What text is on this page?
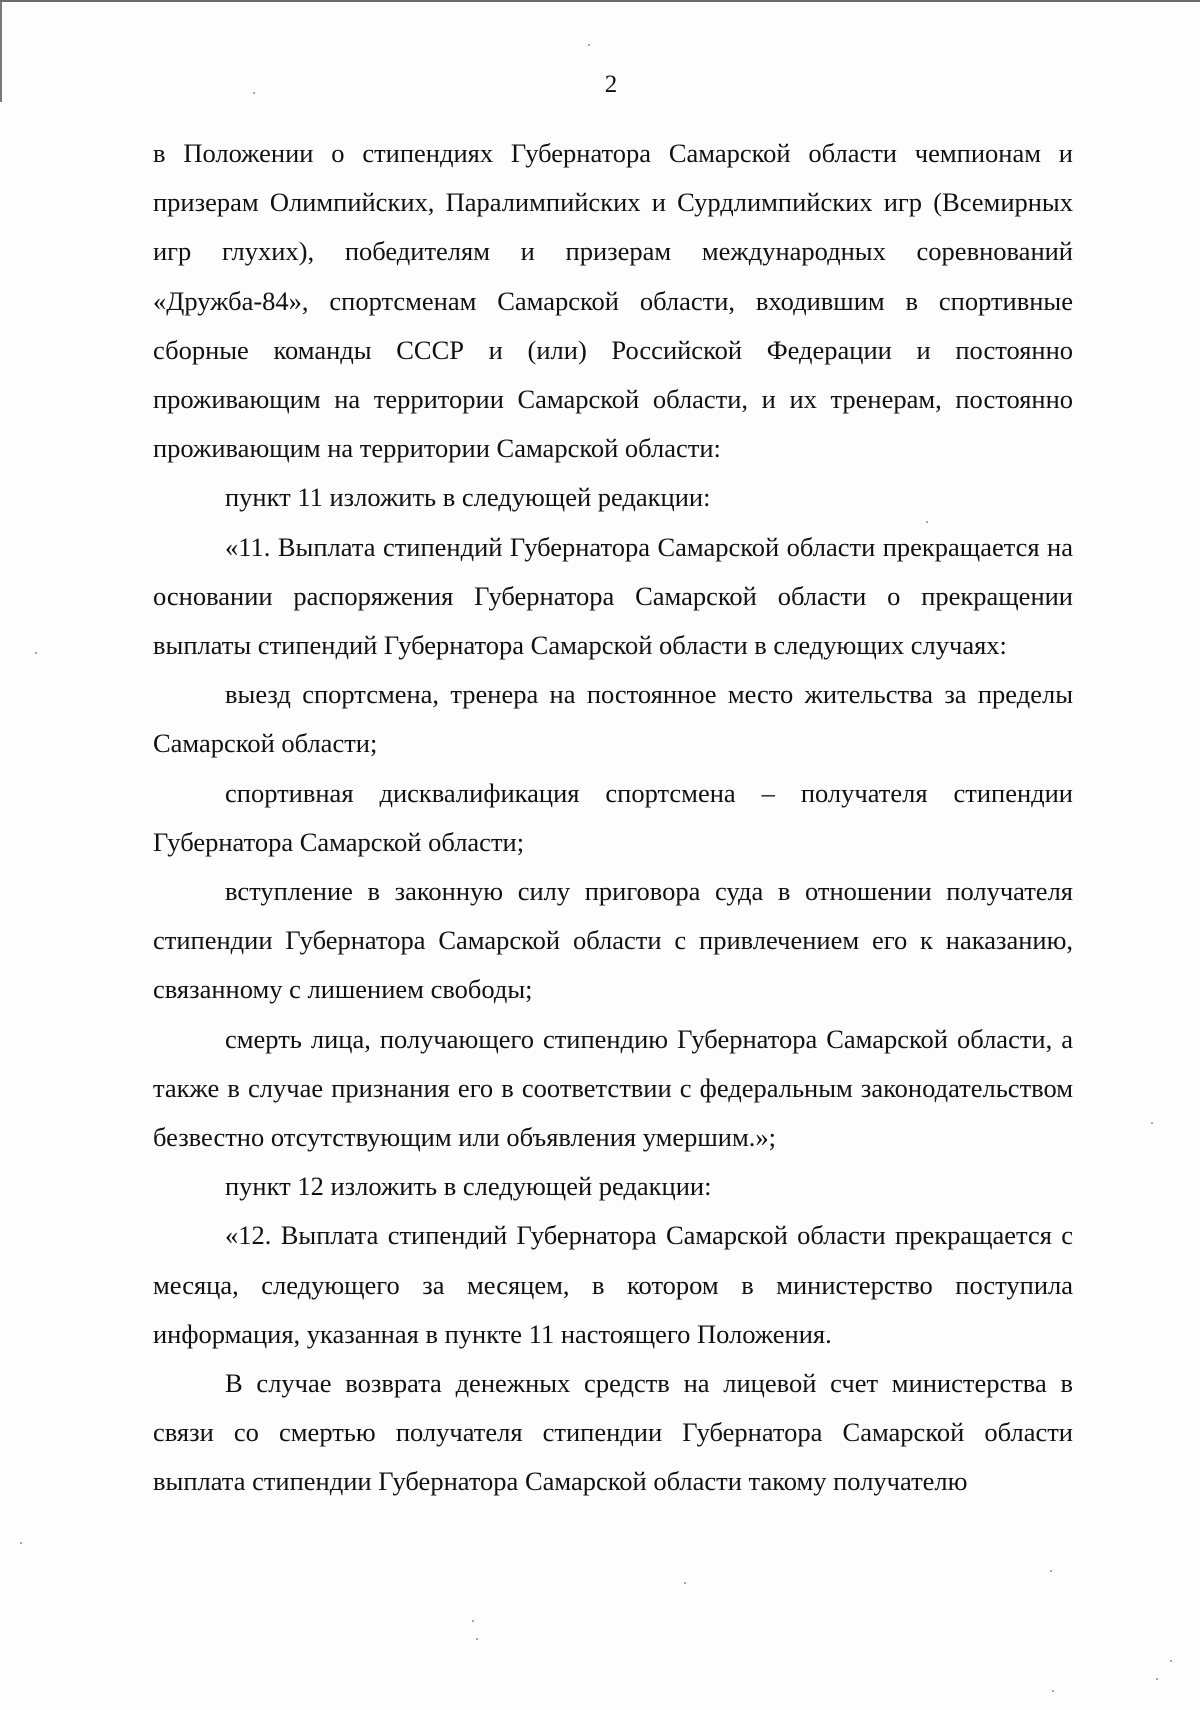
2

в Положении о стипендиях Губернатора Самарской области чемпионам и призерам Олимпийских, Паралимпийских и Сурдлимпийских игр (Всемирных игр глухих), победителям и призерам международных соревнований «Дружба-84», спортсменам Самарской области, входившим в спортивные сборные команды СССР и (или) Российской Федерации и постоянно проживающим на территории Самарской области, и их тренерам, постоянно проживающим на территории Самарской области:

пункт 11 изложить в следующей редакции:

«11. Выплата стипендий Губернатора Самарской области прекращается на основании распоряжения Губернатора Самарской области о прекращении выплаты стипендий Губернатора Самарской области в следующих случаях:

выезд спортсмена, тренера на постоянное место жительства за пределы Самарской области;

спортивная дисквалификация спортсмена – получателя стипендии Губернатора Самарской области;

вступление в законную силу приговора суда в отношении получателя стипендии Губернатора Самарской области с привлечением его к наказанию, связанному с лишением свободы;

смерть лица, получающего стипендию Губернатора Самарской области, а также в случае признания его в соответствии с федеральным законодательством безвестно отсутствующим или объявления умершим.»;

пункт 12 изложить в следующей редакции:

«12. Выплата стипендий Губернатора Самарской области прекращается с месяца, следующего за месяцем, в котором в министерство поступила информация, указанная в пункте 11 настоящего Положения.

В случае возврата денежных средств на лицевой счет министерства в связи со смертью получателя стипендии Губернатора Самарской области выплата стипендии Губернатора Самарской области такому получателю
